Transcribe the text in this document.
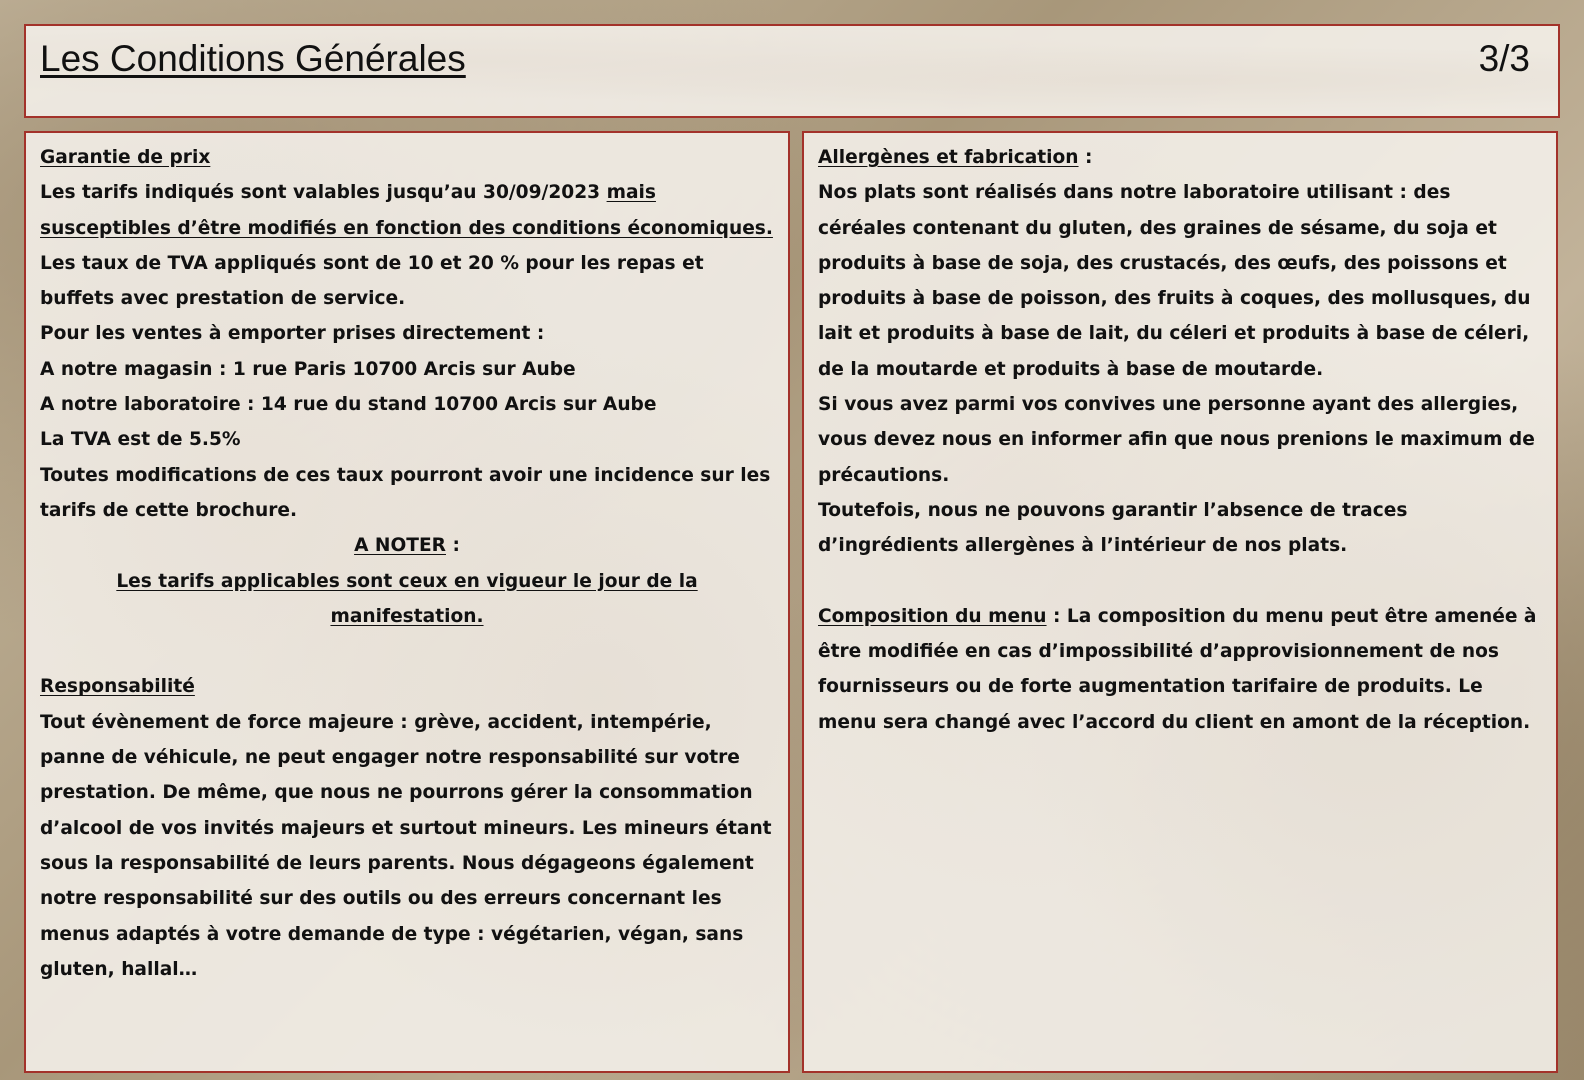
Les Conditions Générales	3/3

Garantie de prix

Les tarifs indiqués sont valables jusqu’au 30/09/2023 mais susceptibles d’être modifiés en fonction des conditions économiques.

Les taux de TVA appliqués sont de 10 et 20 % pour les repas et buffets avec prestation de service.

Pour les ventes à emporter prises directement :

A notre magasin : 1 rue Paris 10700 Arcis sur Aube

A notre laboratoire : 14 rue du stand 10700 Arcis sur Aube

La TVA est de 5.5%

Toutes modifications de ces taux pourront avoir une incidence sur les tarifs de cette brochure.

A NOTER :

Les tarifs applicables sont ceux en vigueur le jour de la manifestation.

Responsabilité

Tout évènement de force majeure : grève, accident, intempérie, panne de véhicule, ne peut engager notre responsabilité sur votre prestation. De même, que nous ne pourrons gérer la consommation d’alcool de vos invités majeurs et surtout mineurs. Les mineurs étant sous la responsabilité de leurs parents. Nous dégageons également notre responsabilité sur des outils ou des erreurs concernant les menus adaptés à votre demande de type : végétarien, végan, sans gluten, hallal…

Allergènes et fabrication :

Nos plats sont réalisés dans notre laboratoire utilisant : des céréales contenant du gluten, des graines de sésame, du soja et produits à base de soja, des crustacés, des œufs, des poissons et produits à base de poisson, des fruits à coques, des mollusques, du lait et produits à base de lait, du céleri et produits à base de céleri, de la moutarde et produits à base de moutarde.

Si vous avez parmi vos convives une personne ayant des allergies, vous devez nous en informer afin que nous prenions le maximum de précautions.

Toutefois, nous ne pouvons garantir l’absence de traces d’ingrédients allergènes à l’intérieur de nos plats.

Composition du menu : La composition du menu peut être amenée à être modifiée en cas d’impossibilité d’approvisionnement de nos fournisseurs ou de forte augmentation tarifaire de produits. Le menu sera changé avec l’accord du client en amont de la réception.
